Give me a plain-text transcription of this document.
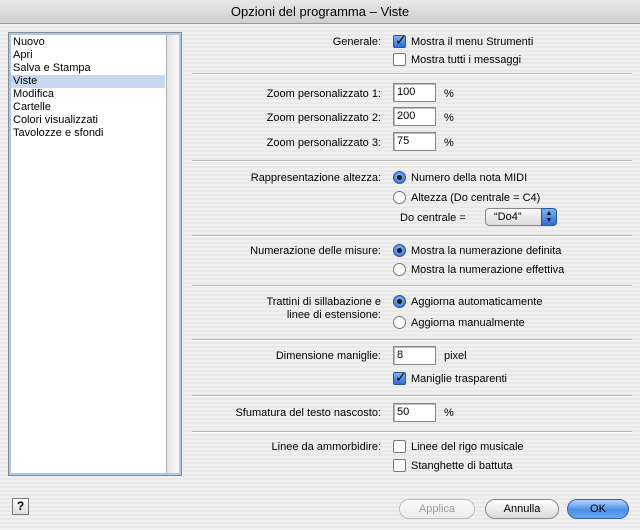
Opzioni del programma – Viste
Nuovo
Apri
Salva e Stampa
Viste
Modifica
Cartelle
Colori visualizzati
Tavolozze e sfondi
Generale: ✓ Mostra il menu Strumenti
Mostra tutti i messaggi
Zoom personalizzato 1:	100	%
Zoom personalizzato 2:	200	%
Zoom personalizzato 3:	75	%
Rappresentazione altezza:	Numero della nota MIDI
Altezza (Do centrale = C4)
Do centrale =	“Do4”	▲
▼
Numerazione delle misure:	Mostra la numerazione definita
Mostra la numerazione effettiva
Trattini di sillabazione e
linee di estensione:
Aggiorna automaticamente
Aggiorna manualmente
Dimensione maniglie:	8	pixel
✓ Maniglie trasparenti
Sfumatura del testo nascosto:	50	%
Linee da ammorbidire:	Linee del rigo musicale
Stanghette di battuta
?	Applica	Annulla	OK
